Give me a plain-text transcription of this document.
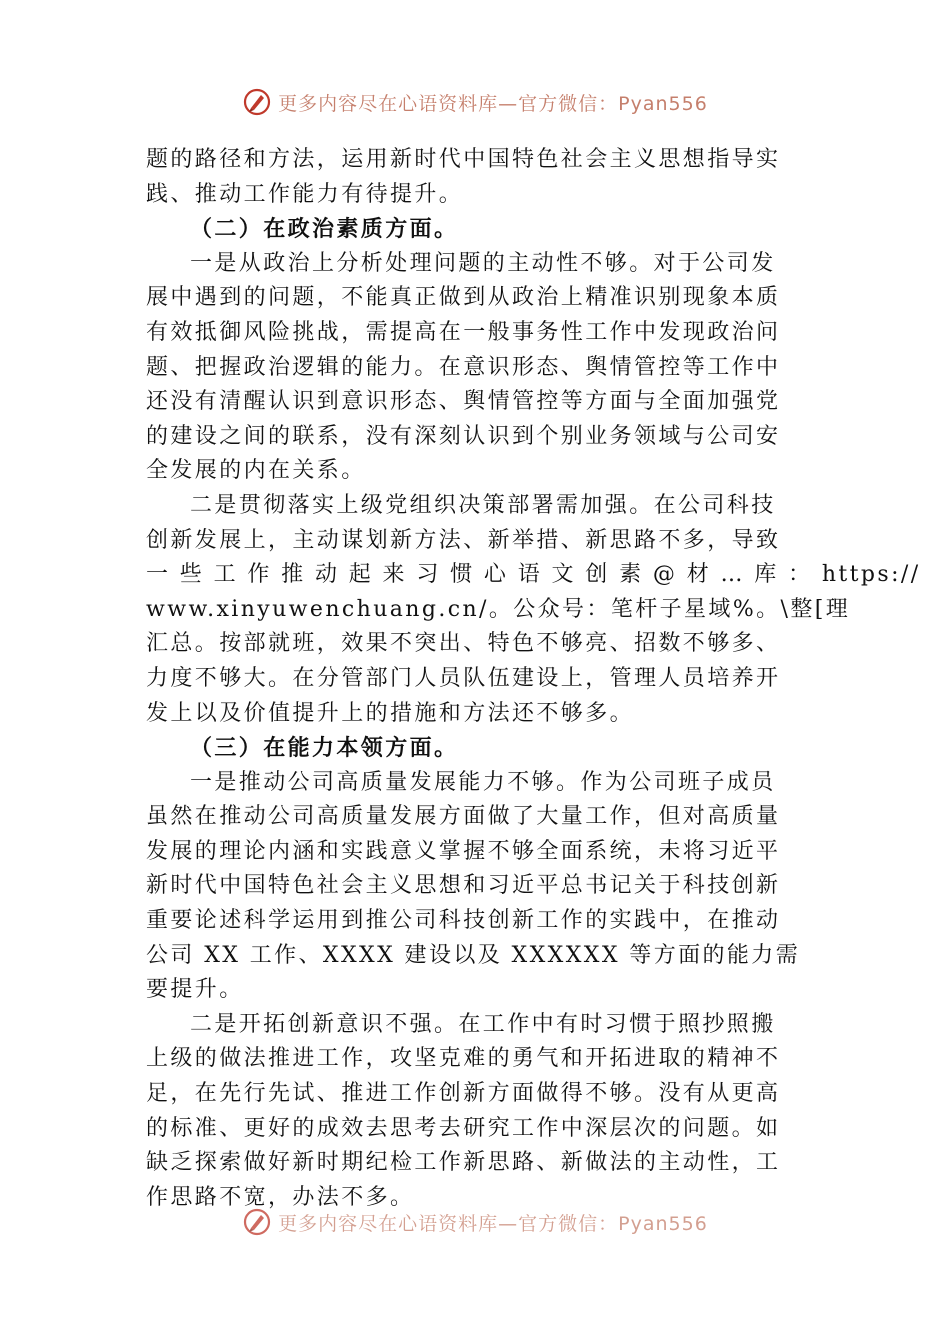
更多内容尽在心语资料库—官方微信：Pyan556

题的路径和方法，运用新时代中国特色社会主义思想指导实
践、推动工作能力有待提升。

（二）在政治素质方面。

一是从政治上分析处理问题的主动性不够。对于公司发
展中遇到的问题，不能真正做到从政治上精准识别现象本质
有效抵御风险挑战，需提高在一般事务性工作中发现政治问
题、把握政治逻辑的能力。在意识形态、舆情管控等工作中
还没有清醒认识到意识形态、舆情管控等方面与全面加强党
的建设之间的联系，没有深刻认识到个别业务领域与公司安
全发展的内在关系。

二是贯彻落实上级党组织决策部署需加强。在公司科技
创新发展上，主动谋划新方法、新举措、新思路不多，导致
一 些 工 作 推 动 起 来 习 惯 心 语 文 创 素 @ 材 … 库 ： https://
www.xinyuwenchuang.cn/。公众号：笔杆子星域%。\整[理
汇总。按部就班，效果不突出、特色不够亮、招数不够多、
力度不够大。在分管部门人员队伍建设上，管理人员培养开
发上以及价值提升上的措施和方法还不够多。

（三）在能力本领方面。

一是推动公司高质量发展能力不够。作为公司班子成员
虽然在推动公司高质量发展方面做了大量工作，但对高质量
发展的理论内涵和实践意义掌握不够全面系统，未将习近平
新时代中国特色社会主义思想和习近平总书记关于科技创新
重要论述科学运用到推公司科技创新工作的实践中，在推动
公司 XX 工作、XXXX 建设以及 XXXXXX 等方面的能力需
要提升。

二是开拓创新意识不强。在工作中有时习惯于照抄照搬
上级的做法推进工作，攻坚克难的勇气和开拓进取的精神不
足，在先行先试、推进工作创新方面做得不够。没有从更高
的标准、更好的成效去思考去研究工作中深层次的问题。如
缺乏探索做好新时期纪检工作新思路、新做法的主动性，工
作思路不宽，办法不多。

更多内容尽在心语资料库—官方微信：Pyan556
